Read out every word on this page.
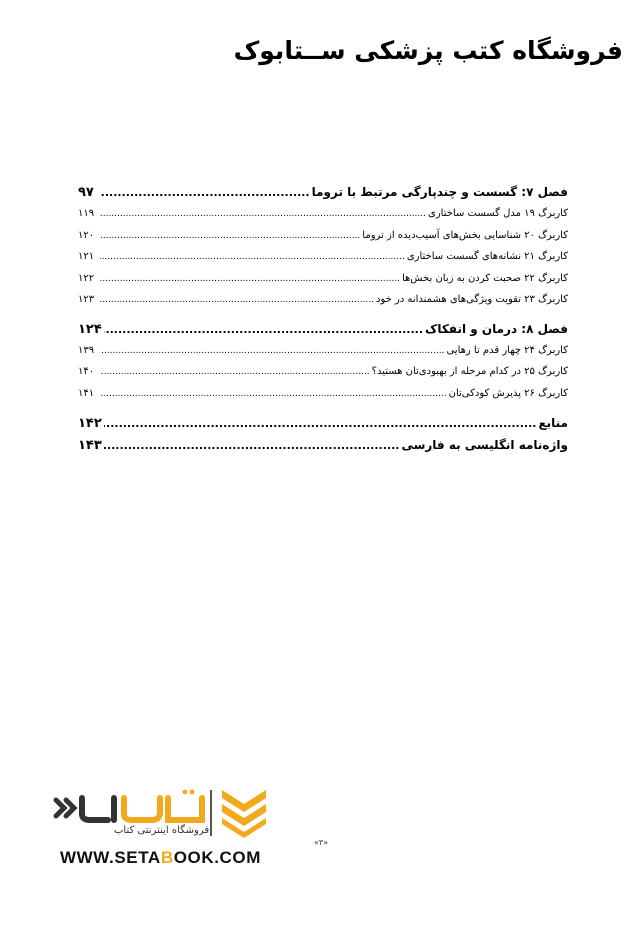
فروشگاه کتب پزشکی ســتابوک
فصل ۷: گسست و چندپارگی مرتبط با تروما
.....
۹۷
کاربرگ ۱۹ مدل گسست ساختاری
.....
۱۱۹
کاربرگ ۲۰ شناسایی بخش‌های آسیب‌دیده از تروما
.....
۱۲۰
کاربرگ ۲۱ نشانه‌های گسست ساختاری
.....
۱۲۱
کاربرگ ۲۲ صحبت کردن به زبان بخش‌ها
.....
۱۲۲
کاربرگ ۲۳ تقویت ویژگی‌های هشمندانه در خود
.....
۱۲۳
فصل ۸: درمان و انفکاک
.....
۱۲۴
کاربرگ ۲۴ چهار قدم تا رهایی
.....
۱۳۹
کاربرگ ۲۵ در کدام مرحله از بهبودی‌تان هستید؟
.....
۱۴۰
کاربرگ ۲۶ پذیرش کودکی‌تان
.....
۱۴۱
منابع
.....
۱۴۲
واژه‌نامه انگلیسی به فارسی
.....
۱۴۳
فروشگاه اینترنتی کتاب
WWW.SETABOOK.COM
«۳»
